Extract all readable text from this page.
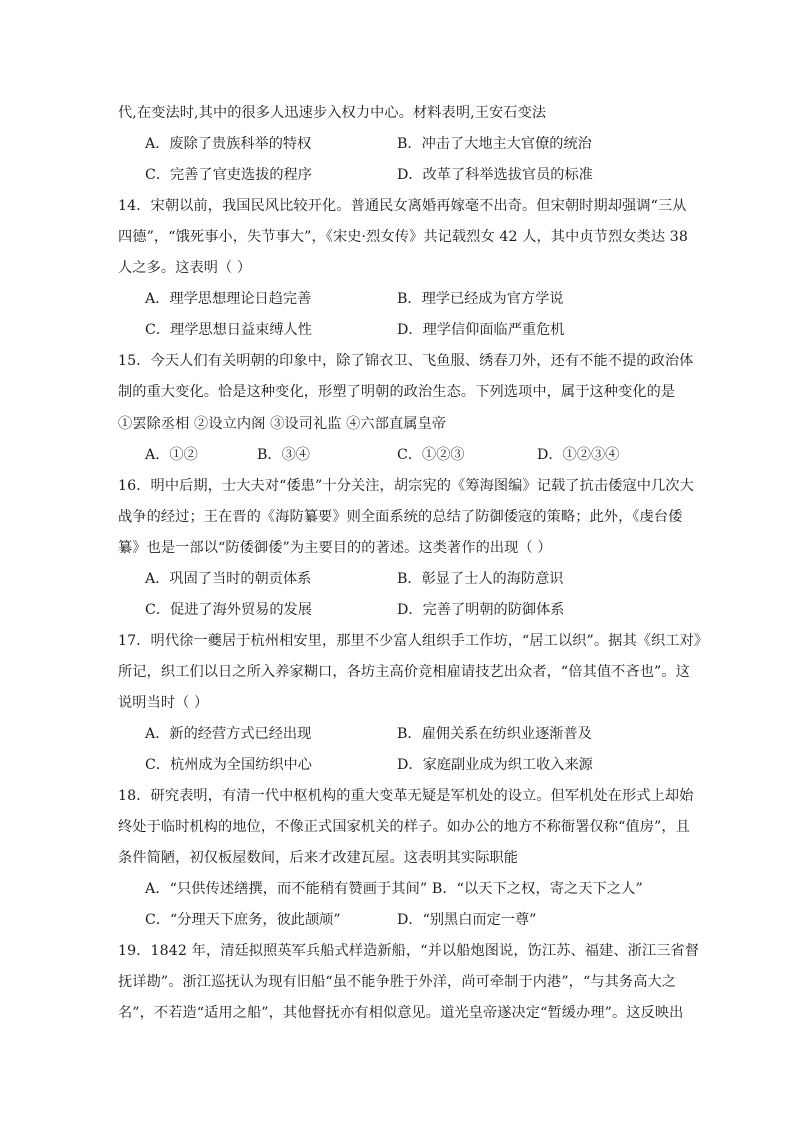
代,在变法时,其中的很多人迅速步入权力中心。材料表明,王安石变法
A．废除了贵族科举的特权	B．冲击了大地主大官僚的统治
C．完善了官吏选拔的程序	D．改革了科举选拔官员的标准
14．宋朝以前，我国民风比较开化。普通民女离婚再嫁毫不出奇。但宋朝时期却强调“三从
四德”，“饿死事小，失节事大”，《宋史·烈女传》共记载烈女 42 人，其中贞节烈女类达 38
人之多。这表明（ ）
A．理学思想理论日趋完善	B．理学已经成为官方学说
C．理学思想日益束缚人性	D．理学信仰面临严重危机
15．今天人们有关明朝的印象中，除了锦衣卫、飞鱼服、绣春刀外，还有不能不提的政治体
制的重大变化。恰是这种变化，形塑了明朝的政治生态。下列选项中，属于这种变化的是
①罢除丞相 ②设立内阁 ③设司礼监 ④六部直属皇帝
A．①②	B．③④	C．①②③	D．①②③④
16．明中后期，士大夫对“倭患”十分关注，胡宗宪的《筹海图编》记载了抗击倭寇中几次大
战争的经过；王在晋的《海防纂要》则全面系统的总结了防御倭寇的策略；此外，《虔台倭
纂》也是一部以“防倭御倭”为主要目的的著述。这类著作的出现（ ）
A．巩固了当时的朝贡体系	B．彰显了士人的海防意识
C．促进了海外贸易的发展	D．完善了明朝的防御体系
17．明代徐一夔居于杭州相安里，那里不少富人组织手工作坊，“居工以织”。据其《织工对》
所记，织工们以日之所入养家糊口，各坊主高价竞相雇请技艺出众者，“倍其值不吝也”。这
说明当时（ ）
A．新的经营方式已经出现	B．雇佣关系在纺织业逐渐普及
C．杭州成为全国纺织中心	D．家庭副业成为织工收入来源
18．研究表明，有清一代中枢机构的重大变革无疑是军机处的设立。但军机处在形式上却始
终处于临时机构的地位，不像正式国家机关的样子。如办公的地方不称衙署仅称“值房”，且
条件简陋，初仅板屋数间，后来才改建瓦屋。这表明其实际职能
A．“只供传述缮撰，而不能稍有赞画于其间” B．“以天下之权，寄之天下之人”
C．“分理天下庶务，彼此颉颃”	D．“别黑白而定一尊”
19．1842 年，清廷拟照英军兵船式样造新船，“并以船炮图说，饬江苏、福建、浙江三省督
抚详勘”。浙江巡抚认为现有旧船“虽不能争胜于外洋，尚可牵制于内港”，“与其务高大之
名”，不若造“适用之船”，其他督抚亦有相似意见。道光皇帝遂决定“暂缓办理”。这反映出
